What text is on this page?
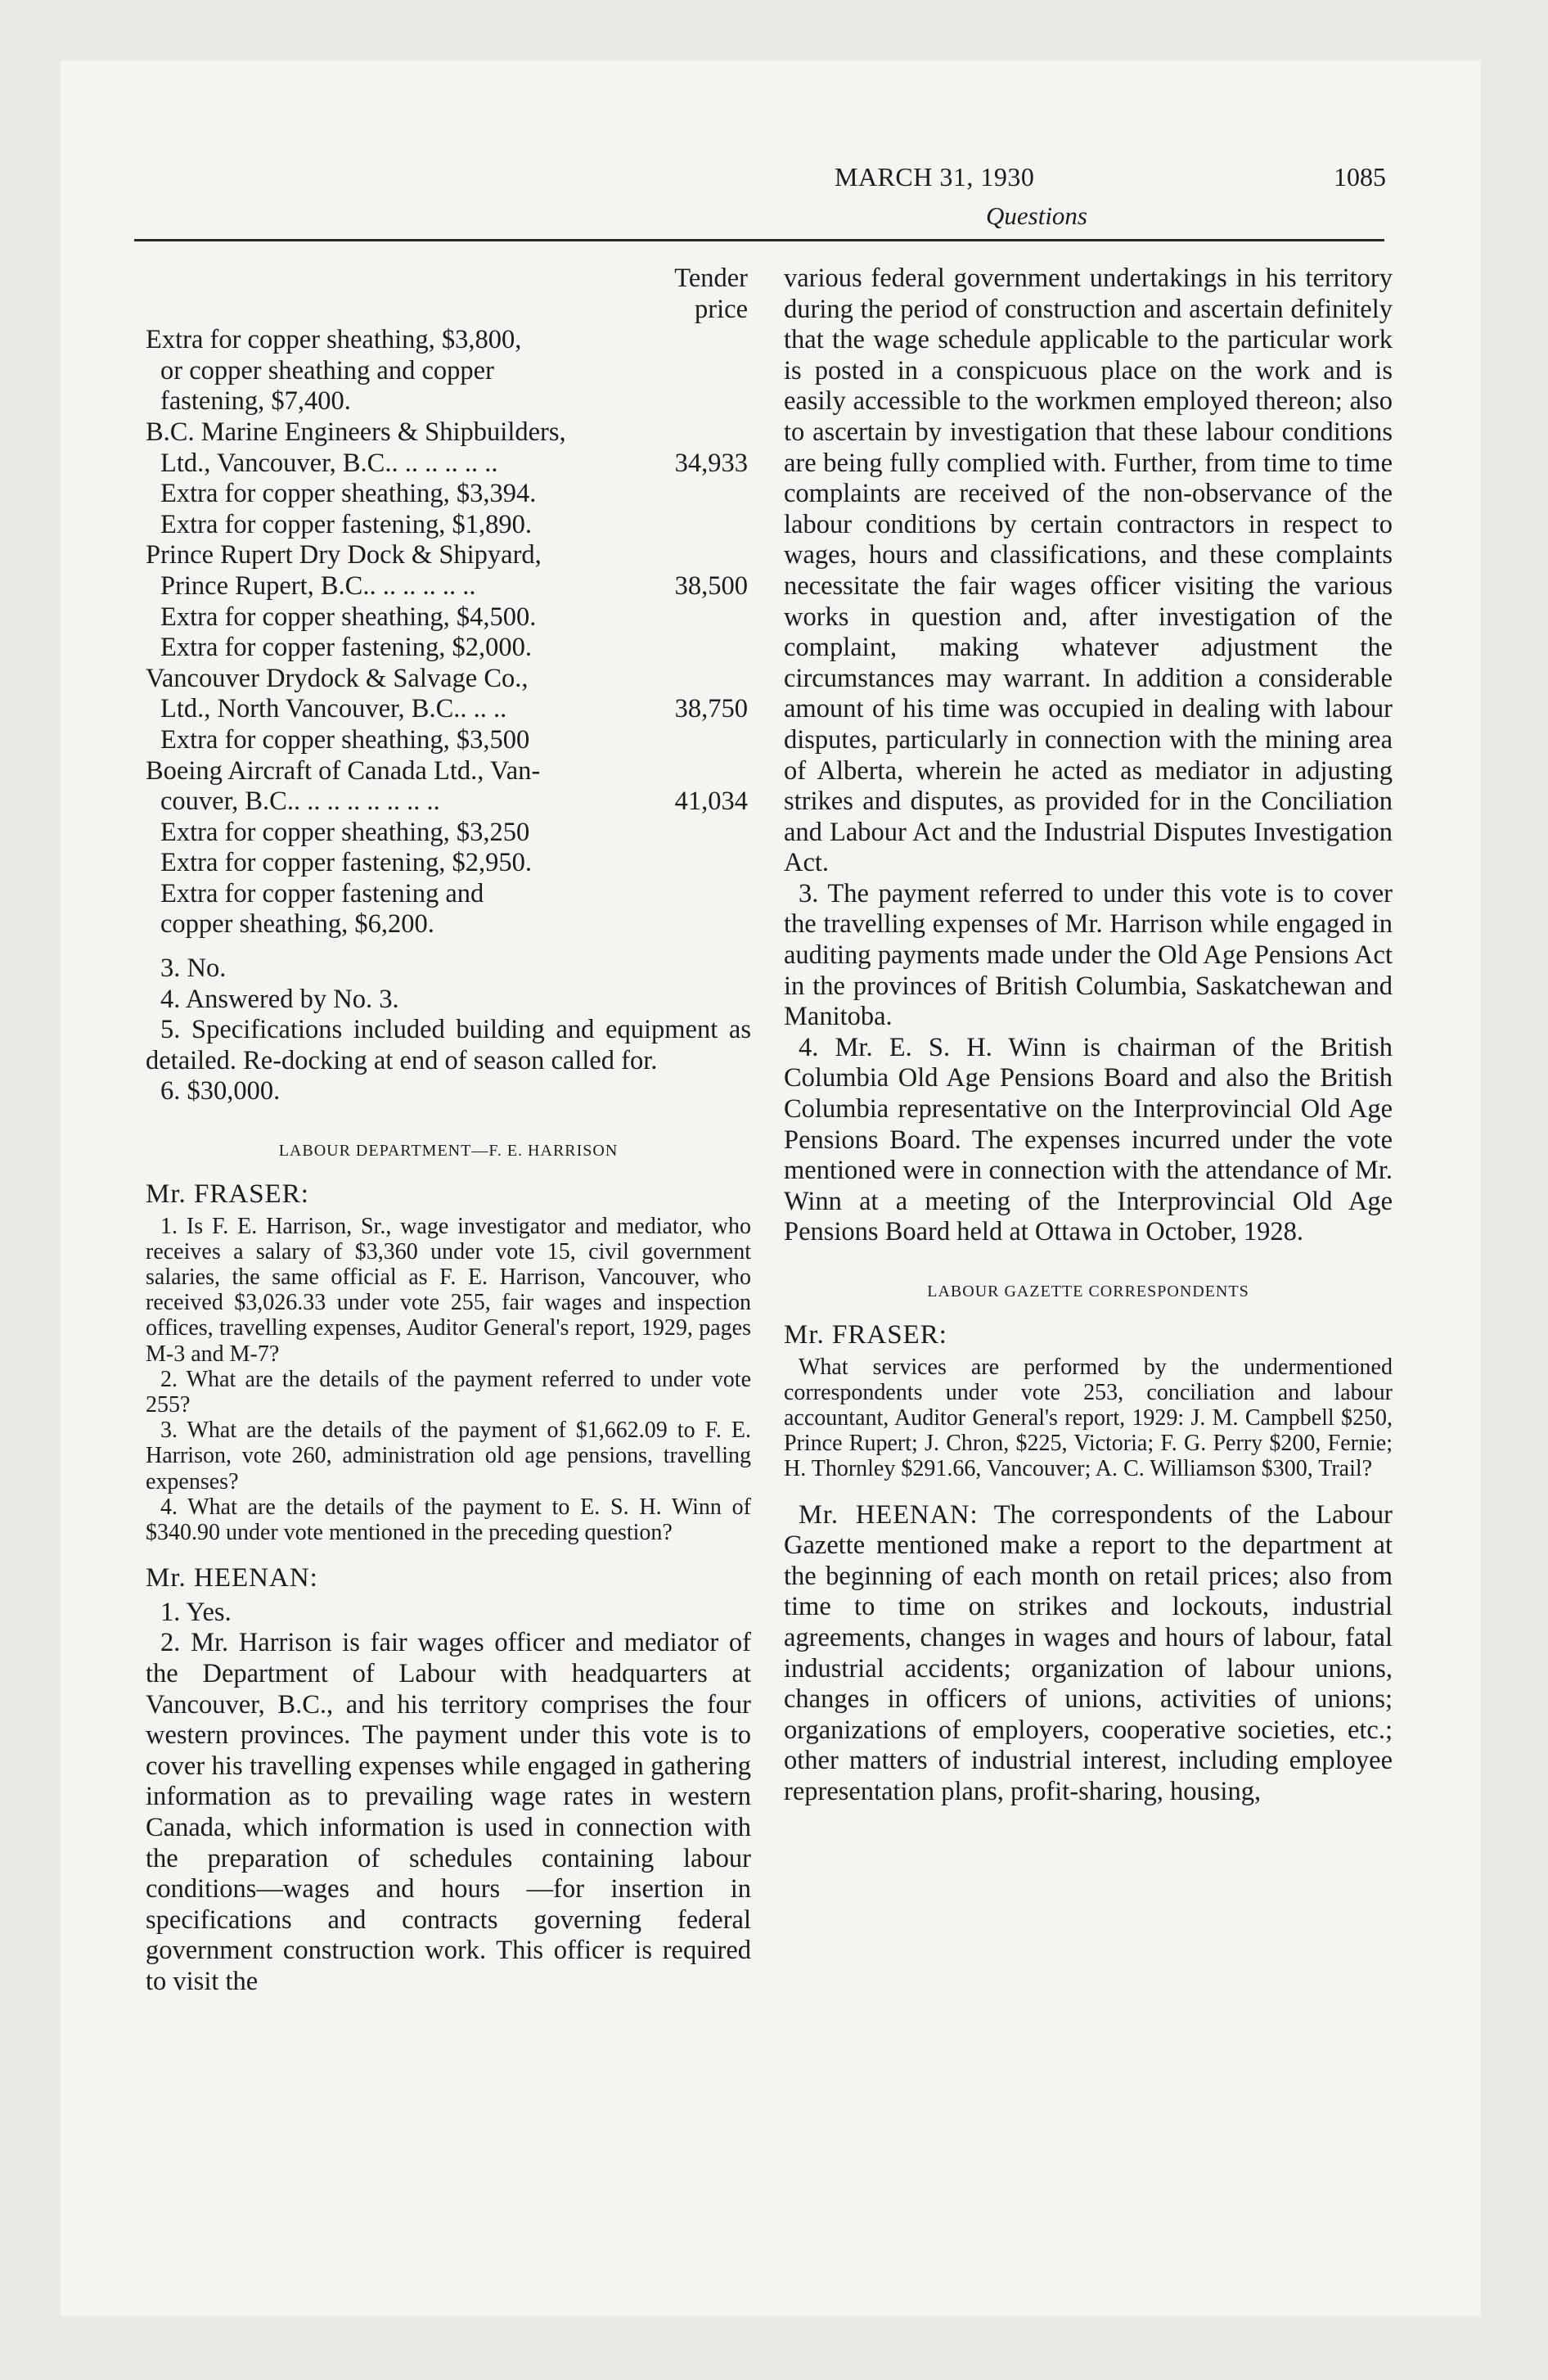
MARCH 31, 1930	1085
Questions
Tender
price
Extra for copper sheathing, $3,800,
or copper sheathing and copper
fastening, $7,400.
B.C. Marine Engineers & Shipbuilders,
Ltd., Vancouver, B.C.. .. .. .. .. ..	34,933
Extra for copper sheathing, $3,394.
Extra for copper fastening, $1,890.
Prince Rupert Dry Dock & Shipyard,
Prince Rupert, B.C.. .. .. .. .. ..	38,500
Extra for copper sheathing, $4,500.
Extra for copper fastening, $2,000.
Vancouver Drydock & Salvage Co.,
Ltd., North Vancouver, B.C.. .. ..	38,750
Extra for copper sheathing, $3,500
Boeing Aircraft of Canada Ltd., Van-
couver, B.C.. .. .. .. .. .. .. ..	41,034
Extra for copper sheathing, $3,250
Extra for copper fastening, $2,950.
Extra for copper fastening and
copper sheathing, $6,200.

3. No.

4. Answered by No. 3.

5. Specifications included building and equipment as detailed. Re-docking at end of season called for.

6. $30,000.

LABOUR DEPARTMENT—F. E. HARRISON
Mr. FRASER:

1. Is F. E. Harrison, Sr., wage investigator and mediator, who receives a salary of $3,360 under vote 15, civil government salaries, the same official as F. E. Harrison, Vancouver, who received $3,026.33 under vote 255, fair wages and inspection offices, travelling expenses, Auditor General's report, 1929, pages M-3 and M-7?

2. What are the details of the payment referred to under vote 255?

3. What are the details of the payment of $1,662.09 to F. E. Harrison, vote 260, administration old age pensions, travelling expenses?

4. What are the details of the payment to E. S. H. Winn of $340.90 under vote mentioned in the preceding question?

Mr. HEENAN:

1. Yes.

2. Mr. Harrison is fair wages officer and mediator of the Department of Labour with headquarters at Vancouver, B.C., and his territory comprises the four western provinces. The payment under this vote is to cover his travelling expenses while engaged in gathering information as to prevailing wage rates in western Canada, which information is used in connection with the preparation of schedules containing labour conditions—wages and hours —for insertion in specifications and contracts governing federal government construction work. This officer is required to visit the

various federal government undertakings in his territory during the period of construction and ascertain definitely that the wage schedule applicable to the particular work is posted in a conspicuous place on the work and is easily accessible to the workmen employed thereon; also to ascertain by investigation that these labour conditions are being fully complied with. Further, from time to time complaints are received of the non-observance of the labour conditions by certain contractors in respect to wages, hours and classifications, and these complaints necessitate the fair wages officer visiting the various works in question and, after investigation of the complaint, making whatever adjustment the circumstances may warrant. In addition a considerable amount of his time was occupied in dealing with labour disputes, particularly in connection with the mining area of Alberta, wherein he acted as mediator in adjusting strikes and disputes, as provided for in the Conciliation and Labour Act and the Industrial Disputes Investigation Act.

3. The payment referred to under this vote is to cover the travelling expenses of Mr. Harrison while engaged in auditing payments made under the Old Age Pensions Act in the provinces of British Columbia, Saskatchewan and Manitoba.

4. Mr. E. S. H. Winn is chairman of the British Columbia Old Age Pensions Board and also the British Columbia representative on the Interprovincial Old Age Pensions Board. The expenses incurred under the vote mentioned were in connection with the attendance of Mr. Winn at a meeting of the Interprovincial Old Age Pensions Board held at Ottawa in October, 1928.

LABOUR GAZETTE CORRESPONDENTS
Mr. FRASER:

What services are performed by the undermentioned correspondents under vote 253, conciliation and labour accountant, Auditor General's report, 1929: J. M. Campbell $250, Prince Rupert; J. Chron, $225, Victoria; F. G. Perry $200, Fernie; H. Thornley $291.66, Vancouver; A. C. Williamson $300, Trail?

Mr. HEENAN: The correspondents of the Labour Gazette mentioned make a report to the department at the beginning of each month on retail prices; also from time to time on strikes and lockouts, industrial agreements, changes in wages and hours of labour, fatal industrial accidents; organization of labour unions, changes in officers of unions, activities of unions; organizations of employers, cooperative societies, etc.; other matters of industrial interest, including employee representation plans, profit-sharing, housing,
